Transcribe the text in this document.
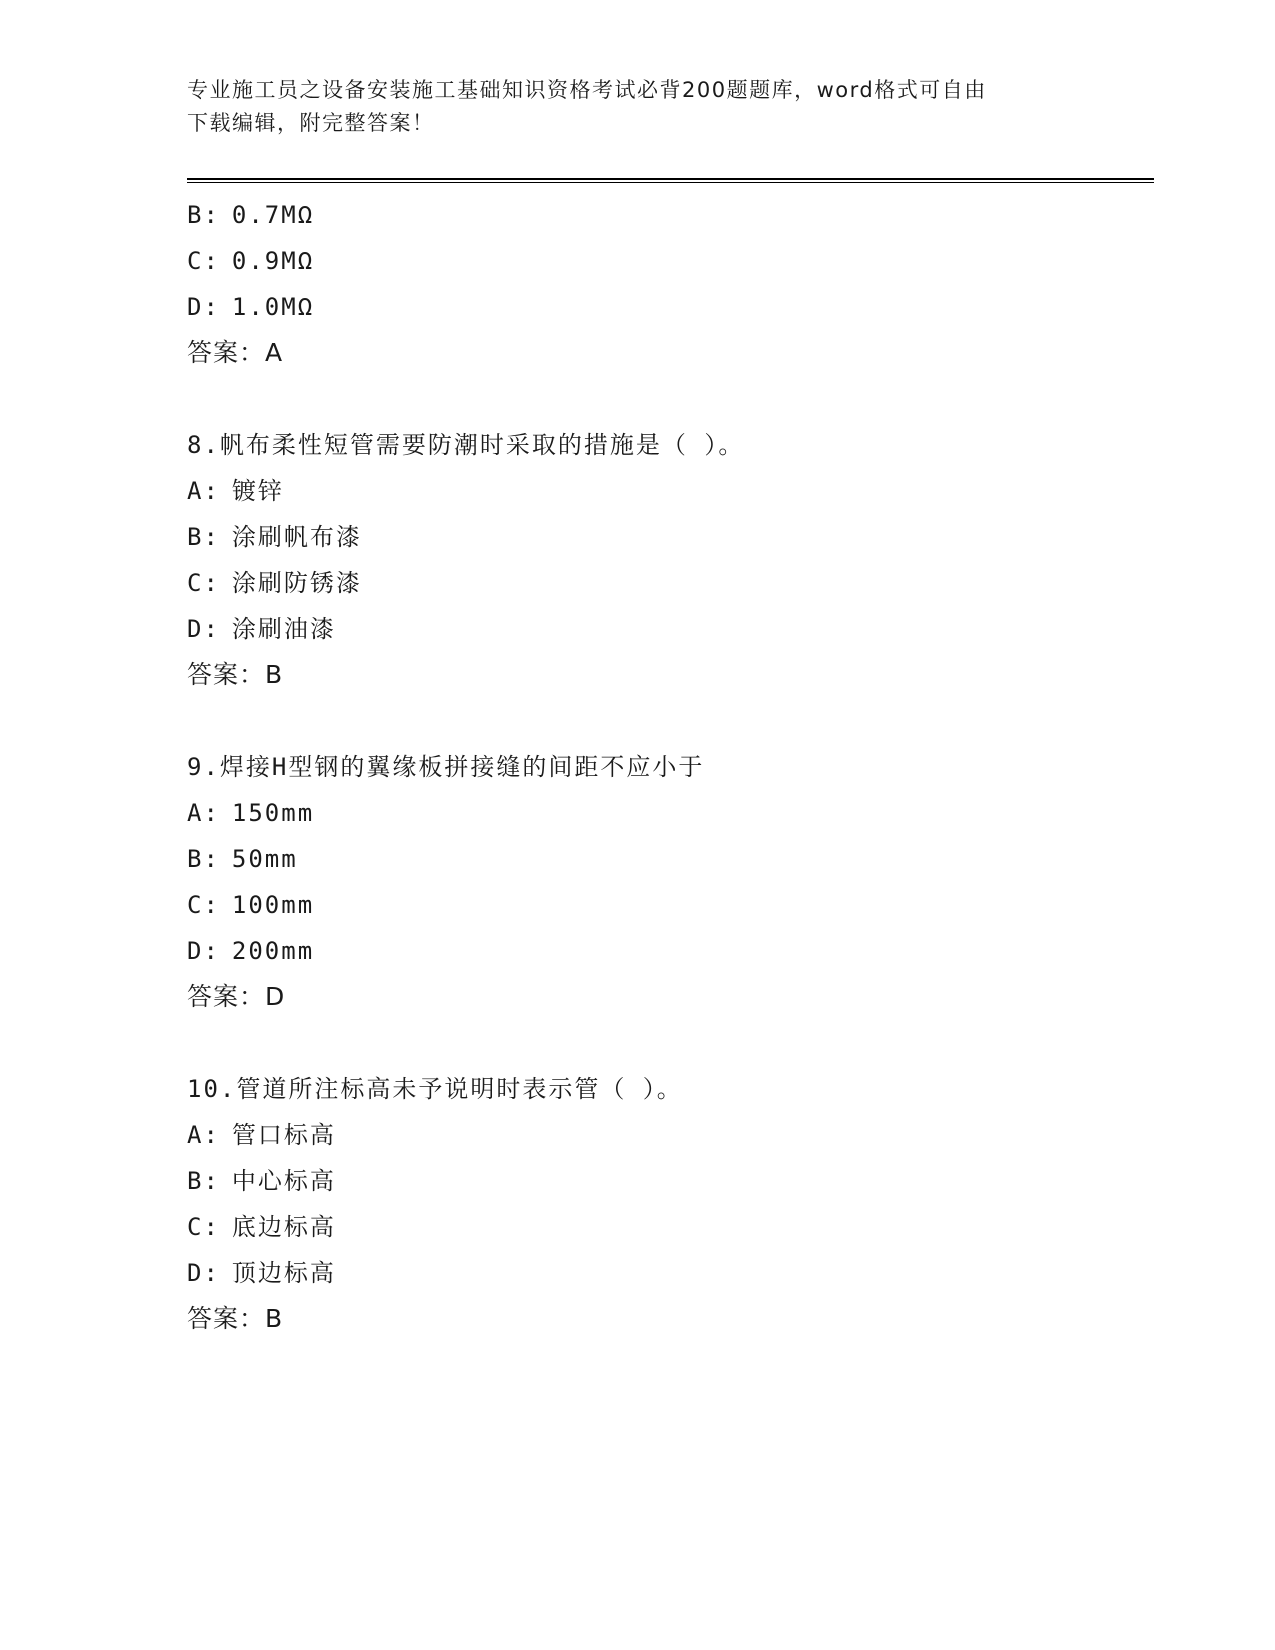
专业施工员之设备安装施工基础知识资格考试必背200题题库，word格式可自由
下载编辑，附完整答案！
B: 0.7MΩ
C: 0.9MΩ
D: 1.0MΩ
答案：A
8.帆布柔性短管需要防潮时采取的措施是（ ）。
A: 镀锌
B: 涂刷帆布漆
C: 涂刷防锈漆
D: 涂刷油漆
答案：B
9.焊接H型钢的翼缘板拼接缝的间距不应小于
A: 150mm
B: 50mm
C: 100mm
D: 200mm
答案：D
10.管道所注标高未予说明时表示管（ ）。
A: 管口标高
B: 中心标高
C: 底边标高
D: 顶边标高
答案：B
